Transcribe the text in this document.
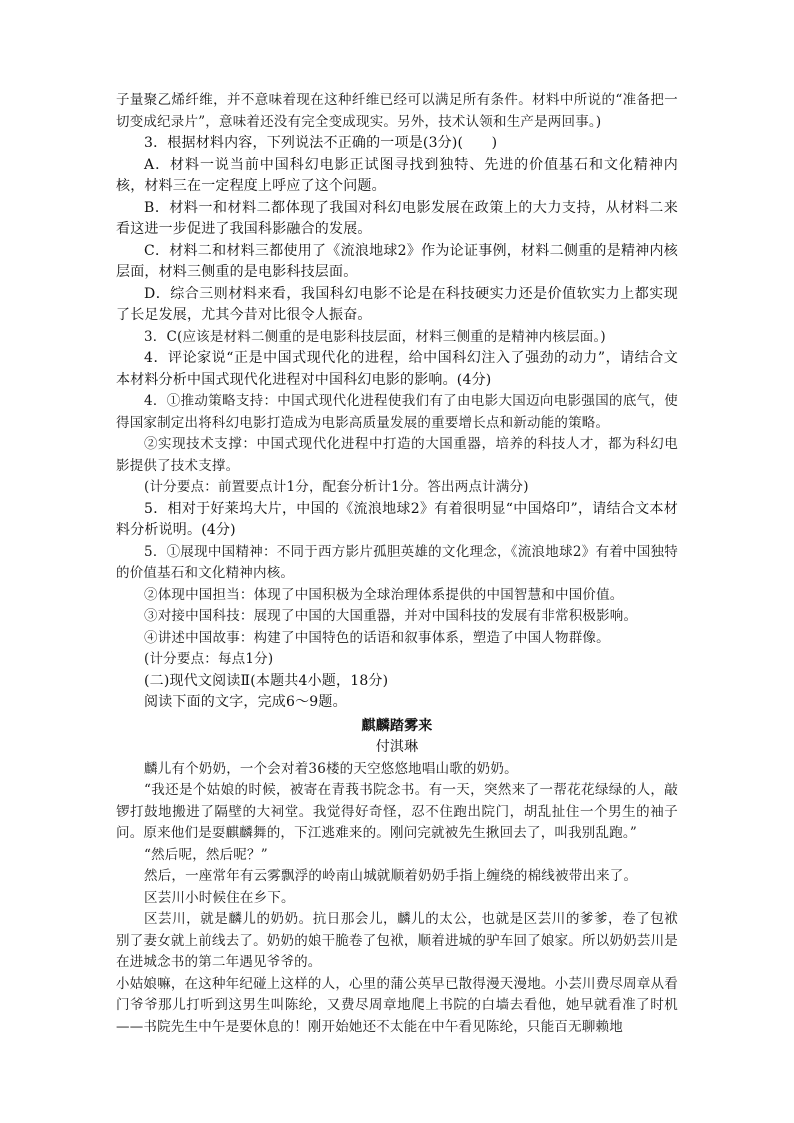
子量聚乙烯纤维，并不意味着现在这种纤维已经可以满足所有条件。材料中所说的“准备把一切变成纪录片”，意味着还没有完全变成现实。另外，技术认领和生产是两回事。)

3．根据材料内容，下列说法不正确的一项是(3分)(　　)

A．材料一说当前中国科幻电影正试图寻找到独特、先进的价值基石和文化精神内核，材料三在一定程度上呼应了这个问题。

B．材料一和材料二都体现了我国对科幻电影发展在政策上的大力支持，从材料二来看这进一步促进了我国科影融合的发展。

C．材料二和材料三都使用了《流浪地球2》作为论证事例，材料二侧重的是精神内核层面，材料三侧重的是电影科技层面。

D．综合三则材料来看，我国科幻电影不论是在科技硬实力还是价值软实力上都实现了长足发展，尤其今昔对比很令人振奋。

3．C(应该是材料二侧重的是电影科技层面，材料三侧重的是精神内核层面。)

4．评论家说“正是中国式现代化的进程，给中国科幻注入了强劲的动力”，请结合文本材料分析中国式现代化进程对中国科幻电影的影响。(4分)

4．①推动策略支持：中国式现代化进程使我们有了由电影大国迈向电影强国的底气，使得国家制定出将科幻电影打造成为电影高质量发展的重要增长点和新动能的策略。

②实现技术支撑：中国式现代化进程中打造的大国重器，培养的科技人才，都为科幻电影提供了技术支撑。

(计分要点：前置要点计1分，配套分析计1分。答出两点计满分)

5．相对于好莱坞大片，中国的《流浪地球2》有着很明显“中国烙印”，请结合文本材料分析说明。(4分)

5．①展现中国精神：不同于西方影片孤胆英雄的文化理念，《流浪地球2》有着中国独特的价值基石和文化精神内核。

②体现中国担当：体现了中国积极为全球治理体系提供的中国智慧和中国价值。

③对接中国科技：展现了中国的大国重器，并对中国科技的发展有非常积极影响。

④讲述中国故事：构建了中国特色的话语和叙事体系，塑造了中国人物群像。

(计分要点：每点1分)

(二)现代文阅读Ⅱ(本题共4小题，18分)

阅读下面的文字，完成6～9题。

麒麟踏雾来

付淇琳

麟儿有个奶奶，一个会对着36楼的天空悠悠地唱山歌的奶奶。

“我还是个姑娘的时候，被寄在青莪书院念书。有一天，突然来了一帮花花绿绿的人，敲锣打鼓地搬进了隔壁的大祠堂。我觉得好奇怪，忍不住跑出院门，胡乱扯住一个男生的袖子问。原来他们是耍麒麟舞的，下江逃难来的。刚问完就被先生揪回去了，叫我别乱跑。”

“然后呢，然后呢？”

然后，一座常年有云雾飘浮的岭南山城就顺着奶奶手指上缠绕的棉线被带出来了。

区芸川小时候住在乡下。

区芸川，就是麟儿的奶奶。抗日那会儿，麟儿的太公，也就是区芸川的爹爹，卷了包袱别了妻女就上前线去了。奶奶的娘干脆卷了包袱，顺着进城的驴车回了娘家。所以奶奶芸川是在进城念书的第二年遇见爷爷的。

小姑娘嘛，在这种年纪碰上这样的人，心里的蒲公英早已散得漫天漫地。小芸川费尽周章从看门爷爷那儿打听到这男生叫陈纶，又费尽周章地爬上书院的白墙去看他，她早就看准了时机——书院先生中午是要休息的！刚开始她还不太能在中午看见陈纶，只能百无聊赖地
